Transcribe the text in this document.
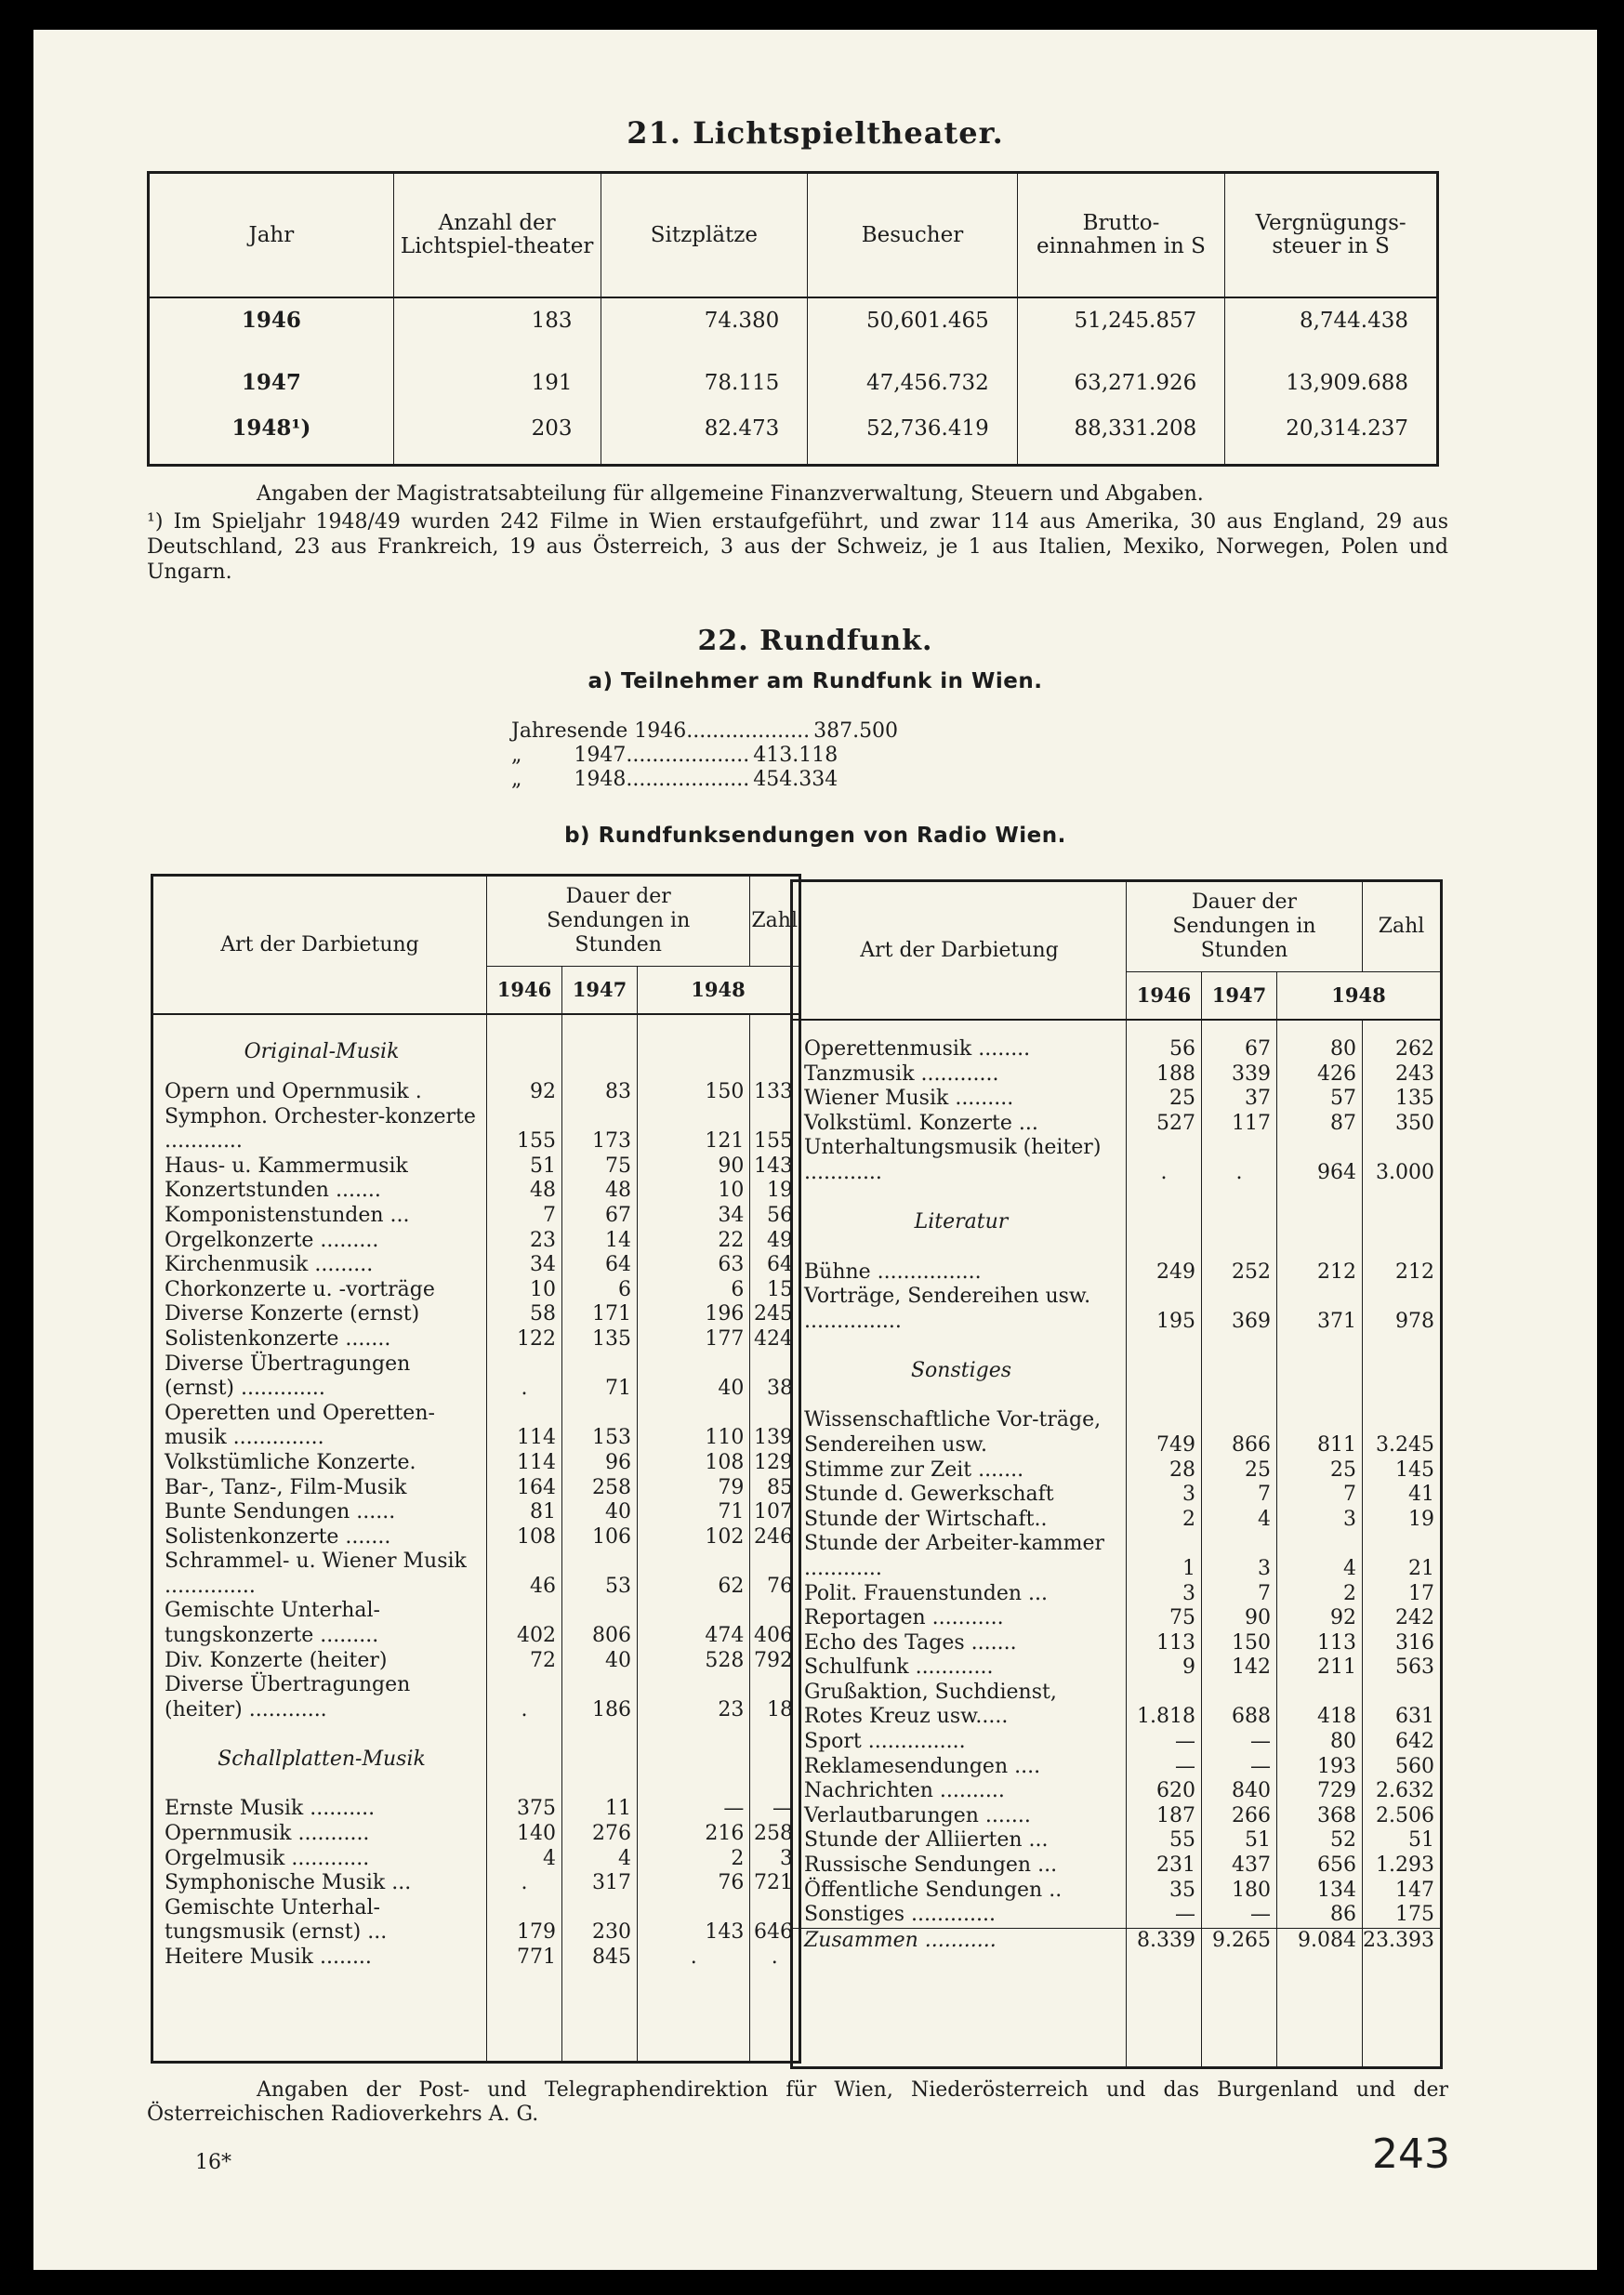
21. Lichtspieltheater.
Jahr	Anzahl der Lichtspiel-theater	Sitzplätze	Besucher	Brutto-einnahmen in S	Vergnügungs-steuer in S
1946	183	74.380	50,601.465	51,245.857	8,744.438
1947	191	78.115	47,456.732	63,271.926	13,909.688
1948¹)	203	82.473	52,736.419	88,331.208	20,314.237

Angaben der Magistratsabteilung für allgemeine Finanzverwaltung, Steuern und Abgaben.
¹) Im Spieljahr 1948/49 wurden 242 Filme in Wien erstaufgeführt, und zwar 114 aus Amerika, 30 aus England, 29 aus Deutschland, 23 aus Frankreich, 19 aus Österreich, 3 aus der Schweiz, je 1 aus Italien, Mexiko, Norwegen, Polen und Ungarn.
22. Rundfunk.
a) Teilnehmer am Rundfunk in Wien.
Jahresende 1946................... 387.500
„        1947................... 413.118
„        1948................... 454.334
b) Rundfunksendungen von Radio Wien.
Art der Darbietung	Dauer der Sendungen in Stunden			Zahl
	1946	1947	1948	

Original-Musik				
Opern und Opernmusik .	92	83	150	133
Symphon. Orchester-konzerte ............	155	173	121	155
Haus- u. Kammermusik	51	75	90	143
Konzertstunden .......	48	48	10	19
Komponistenstunden ...	7	67	34	56
Orgelkonzerte .........	23	14	22	49
Kirchenmusik .........	34	64	63	64
Chorkonzerte u. -vorträge	10	6	6	15
Diverse Konzerte (ernst)	58	171	196	245
Solistenkonzerte .......	122	135	177	424
Diverse Übertragungen (ernst) .............	.	71	40	38
Operetten und Operetten-musik ..............	114	153	110	139
Volkstümliche Konzerte.	114	96	108	129
Bar-, Tanz-, Film-Musik	164	258	79	85
Bunte Sendungen ......	81	40	71	107
Solistenkonzerte .......	108	106	102	246
Schrammel- u. Wiener Musik ..............	46	53	62	76
Gemischte Unterhal-tungskonzerte .........	402	806	474	406
Div. Konzerte (heiter)	72	40	528	792
Diverse Übertragungen (heiter) ............	.	186	23	18
Schallplatten-Musik				
Ernste Musik ..........	375	11	—	—
Opernmusik ...........	140	276	216	258
Orgelmusik ............	4	4	2	3
Symphonische Musik ...	.	317	76	721
Gemischte Unterhal-tungsmusik (ernst) ...	179	230	143	646
Heitere Musik ........	771	845	.	.

Art der Darbietung	Dauer der Sendungen in Stunden			Zahl
	1946	1947	1948	

Operettenmusik ........	56	67	80	262
Tanzmusik ............	188	339	426	243
Wiener Musik .........	25	37	57	135
Volkstüml. Konzerte ...	527	117	87	350
Unterhaltungsmusik (heiter) ............	.	.	964	3.000
Literatur				
Bühne ................	249	252	212	212
Vorträge, Sendereihen usw. ...............	195	369	371	978
Sonstiges				
Wissenschaftliche Vor-träge, Sendereihen usw.	749	866	811	3.245
Stimme zur Zeit .......	28	25	25	145
Stunde d. Gewerkschaft	3	7	7	41
Stunde der Wirtschaft..	2	4	3	19
Stunde der Arbeiter-kammer ............	1	3	4	21
Polit. Frauenstunden ...	3	7	2	17
Reportagen ...........	75	90	92	242
Echo des Tages .......	113	150	113	316
Schulfunk ............	9	142	211	563
Grußaktion, Suchdienst, Rotes Kreuz usw.....	1.818	688	418	631
Sport ...............	—	—	80	642
Reklamesendungen ....	—	—	193	560
Nachrichten ..........	620	840	729	2.632
Verlautbarungen .......	187	266	368	2.506
Stunde der Alliierten ...	55	51	52	51
Russische Sendungen ...	231	437	656	1.293
Öffentliche Sendungen ..	35	180	134	147
Sonstiges .............	—	—	86	175
Zusammen ...........	8.339	9.265	9.084	23.393

Angaben der Post- und Telegraphendirektion für Wien, Niederösterreich und das Burgenland und der Österreichischen Radioverkehrs A. G.
16*	243
